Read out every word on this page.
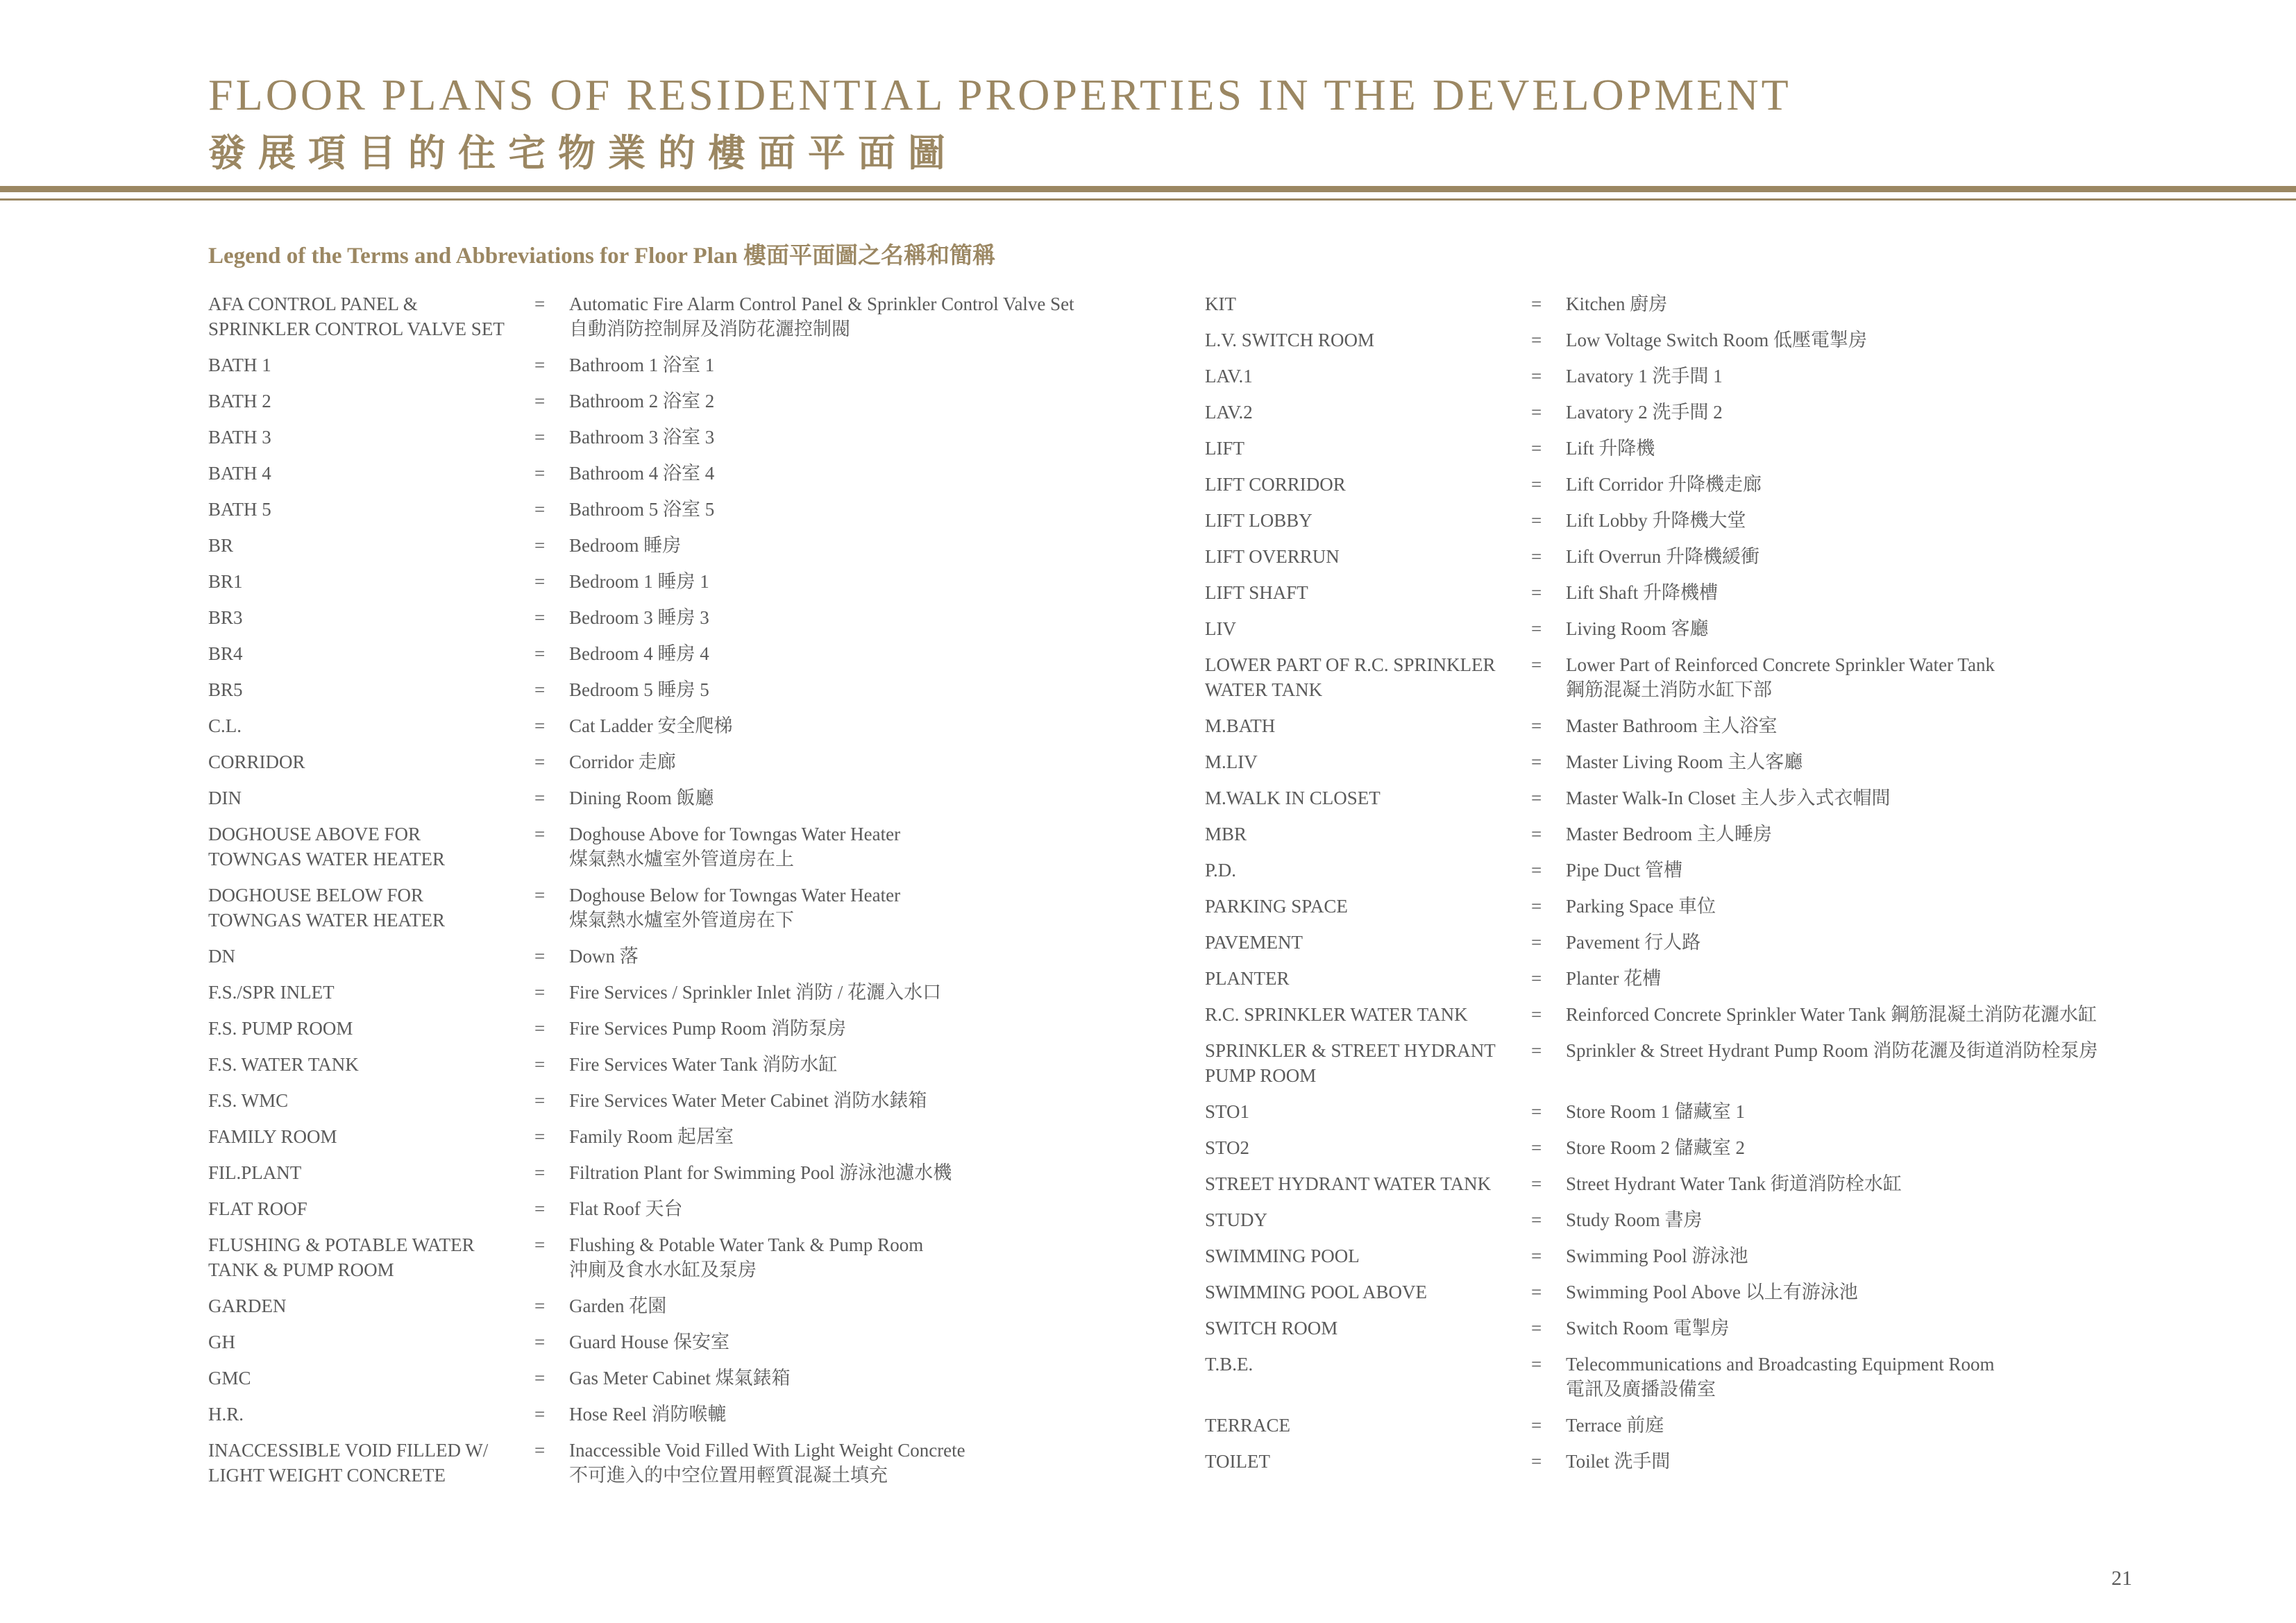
FLOOR PLANS OF RESIDENTIAL PROPERTIES IN THE DEVELOPMENT
發展項目的住宅物業的樓面平面圖
Legend of the Terms and Abbreviations for Floor Plan 樓面平面圖之名稱和簡稱
AFA CONTROL PANEL &
SPRINKLER CONTROL VALVE SET
=	Automatic Fire Alarm Control Panel & Sprinkler Control Valve Set
自動消防控制屏及消防花灑控制閥
BATH 1	=	Bathroom 1 浴室 1
BATH 2	=	Bathroom 2 浴室 2
BATH 3	=	Bathroom 3 浴室 3
BATH 4	=	Bathroom 4 浴室 4
BATH 5	=	Bathroom 5 浴室 5
BR	=	Bedroom 睡房
BR1	=	Bedroom 1 睡房 1
BR3	=	Bedroom 3 睡房 3
BR4	=	Bedroom 4 睡房 4
BR5	=	Bedroom 5 睡房 5
C.L.	=	Cat Ladder 安全爬梯
CORRIDOR	=	Corridor 走廊
DIN	=	Dining Room 飯廳
DOGHOUSE ABOVE FOR
TOWNGAS WATER HEATER
=	Doghouse Above for Towngas Water Heater
煤氣熱水爐室外管道房在上
DOGHOUSE BELOW FOR
TOWNGAS WATER HEATER
=	Doghouse Below for Towngas Water Heater
煤氣熱水爐室外管道房在下
DN	=	Down 落
F.S./SPR INLET	=	Fire Services / Sprinkler Inlet 消防 / 花灑入水口
F.S. PUMP ROOM	=	Fire Services Pump Room 消防泵房
F.S. WATER TANK	=	Fire Services Water Tank 消防水缸
F.S. WMC	=	Fire Services Water Meter Cabinet 消防水錶箱
FAMILY ROOM	=	Family Room 起居室
FIL.PLANT	=	Filtration Plant for Swimming Pool 游泳池濾水機
FLAT ROOF	=	Flat Roof 天台
FLUSHING & POTABLE WATER
TANK & PUMP ROOM
=	Flushing & Potable Water Tank & Pump Room
沖廁及食水水缸及泵房
GARDEN	=	Garden 花園
GH	=	Guard House 保安室
GMC	=	Gas Meter Cabinet 煤氣錶箱
H.R.	=	Hose Reel 消防喉轆
INACCESSIBLE VOID FILLED W/
LIGHT WEIGHT CONCRETE
=	Inaccessible Void Filled With Light Weight Concrete
不可進入的中空位置用輕質混凝土填充
KIT	=	Kitchen 廚房
L.V. SWITCH ROOM	=	Low Voltage Switch Room 低壓電掣房
LAV.1	=	Lavatory 1 洗手間 1
LAV.2	=	Lavatory 2 洗手間 2
LIFT	=	Lift 升降機
LIFT CORRIDOR	=	Lift Corridor 升降機走廊
LIFT LOBBY	=	Lift Lobby 升降機大堂
LIFT OVERRUN	=	Lift Overrun 升降機緩衝
LIFT SHAFT	=	Lift Shaft 升降機槽
LIV	=	Living Room 客廳
LOWER PART OF R.C. SPRINKLER
WATER TANK
=	Lower Part of Reinforced Concrete Sprinkler Water Tank
鋼筋混凝土消防水缸下部
M.BATH	=	Master Bathroom 主人浴室
M.LIV	=	Master Living Room 主人客廳
M.WALK IN CLOSET	=	Master Walk-In Closet 主人步入式衣帽間
MBR	=	Master Bedroom 主人睡房
P.D.	=	Pipe Duct 管槽
PARKING SPACE	=	Parking Space 車位
PAVEMENT	=	Pavement 行人路
PLANTER	=	Planter 花槽
R.C. SPRINKLER WATER TANK	=	Reinforced Concrete Sprinkler Water Tank 鋼筋混凝土消防花灑水缸
SPRINKLER & STREET HYDRANT
PUMP ROOM
=	Sprinkler & Street Hydrant Pump Room 消防花灑及街道消防栓泵房
STO1	=	Store Room 1 儲藏室 1
STO2	=	Store Room 2 儲藏室 2
STREET HYDRANT WATER TANK	=	Street Hydrant Water Tank 街道消防栓水缸
STUDY	=	Study Room 書房
SWIMMING POOL	=	Swimming Pool 游泳池
SWIMMING POOL ABOVE	=	Swimming Pool Above 以上有游泳池
SWITCH ROOM	=	Switch Room 電掣房
T.B.E.	=	Telecommunications and Broadcasting Equipment Room
電訊及廣播設備室
TERRACE	=	Terrace 前庭
TOILET	=	Toilet 洗手間
21
